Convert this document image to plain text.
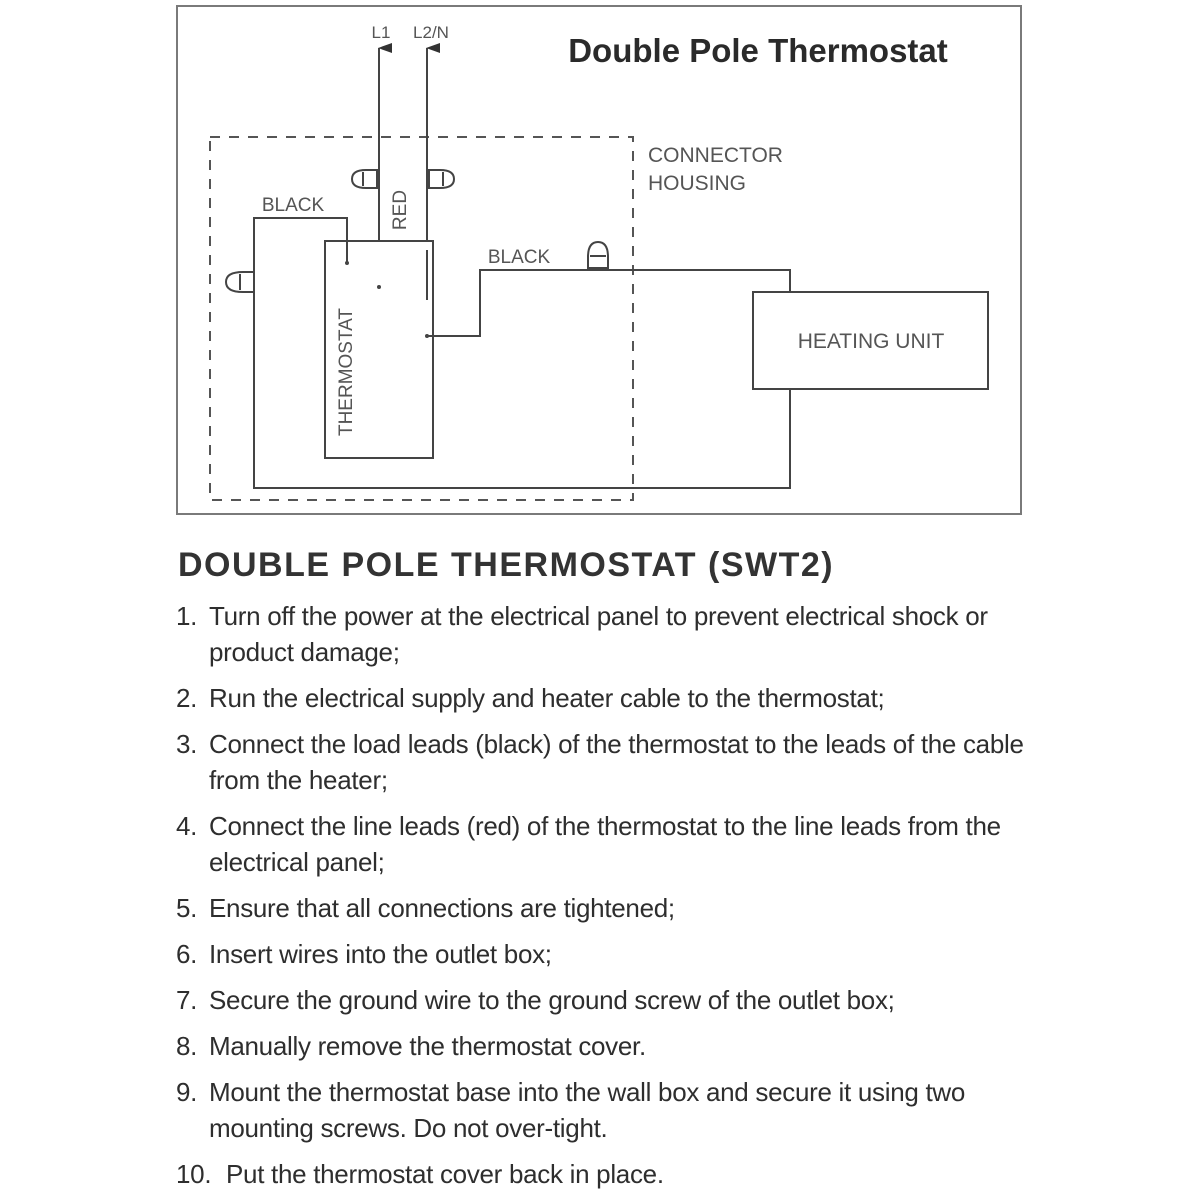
Double Pole Thermostat
CONNECTOR
HOUSING
L1 L2/N
RED
THERMOSTAT
BLACK
BLACK
HEATING UNIT
DOUBLE POLE THERMOSTAT (SWT2)
1. Turn off the power at the electrical panel to prevent electrical shock or product damage;
2. Run the electrical supply and heater cable to the thermostat;
3. Connect the load leads (black) of the thermostat to the leads of the cable from the heater;
4. Connect the line leads (red) of the thermostat to the line leads from the electrical panel;
5. Ensure that all connections are tightened;
6. Insert wires into the outlet box;
7. Secure the ground wire to the ground screw of the outlet box;
8. Manually remove the thermostat cover.
9. Mount the thermostat base into the wall box and secure it using two mounting screws. Do not over-tight.
10. Put the thermostat cover back in place.
